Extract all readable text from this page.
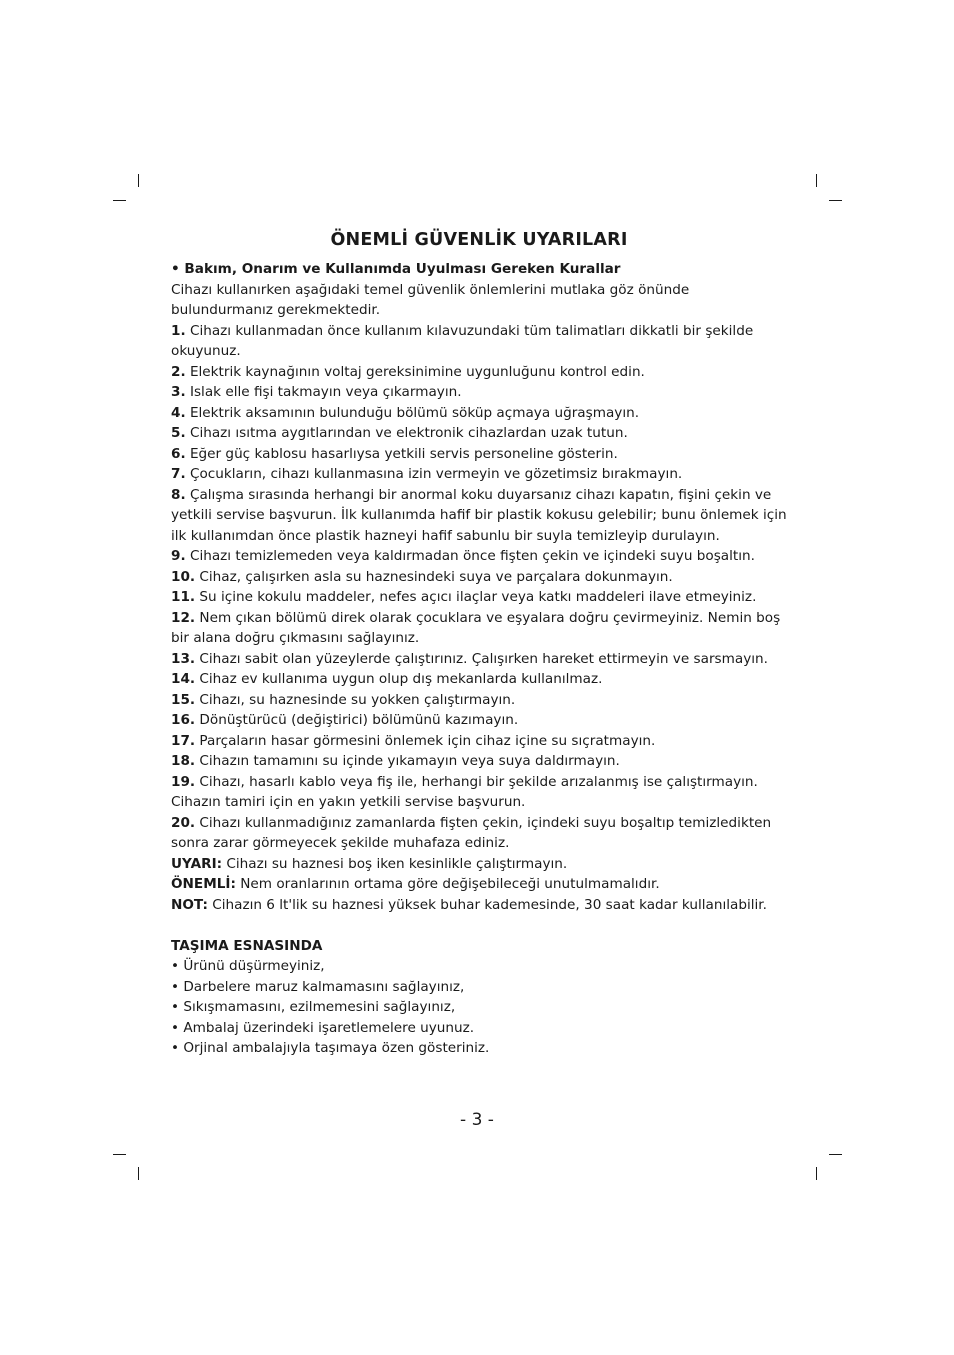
ÖNEMLİ GÜVENLİK UYARILARI

• Bakım, Onarım ve Kullanımda Uyulması Gereken Kurallar

Cihazı kullanırken aşağıdaki temel güvenlik önlemlerini mutlaka göz önünde bulundurmanız gerekmektedir.

1. Cihazı kullanmadan önce kullanım kılavuzundaki tüm talimatları dikkatli bir şekilde okuyunuz.

2. Elektrik kaynağının voltaj gereksinimine uygunluğunu kontrol edin.

3. Islak elle fişi takmayın veya çıkarmayın.

4. Elektrik aksamının bulunduğu bölümü söküp açmaya uğraşmayın.

5. Cihazı ısıtma aygıtlarından ve elektronik cihazlardan uzak tutun.

6. Eğer güç kablosu hasarlıysa yetkili servis personeline gösterin.

7. Çocukların, cihazı kullanmasına izin vermeyin ve gözetimsiz bırakmayın.

8. Çalışma sırasında herhangi bir anormal koku duyarsanız cihazı kapatın, fişini çekin ve yetkili servise başvurun. İlk kullanımda hafif bir plastik kokusu gelebilir; bunu önlemek için ilk kullanımdan önce plastik hazneyi hafif sabunlu bir suyla temizleyip durulayın.

9. Cihazı temizlemeden veya kaldırmadan önce fişten çekin ve içindeki suyu boşaltın.

10. Cihaz, çalışırken asla su haznesindeki suya ve parçalara dokunmayın.

11. Su içine kokulu maddeler, nefes açıcı ilaçlar veya katkı maddeleri ilave etmeyiniz.

12. Nem çıkan bölümü direk olarak çocuklara ve eşyalara doğru çevirmeyiniz. Nemin boş bir alana doğru çıkmasını sağlayınız.

13. Cihazı sabit olan yüzeylerde çalıştırınız. Çalışırken hareket ettirmeyin ve sarsmayın.

14. Cihaz ev kullanıma uygun olup dış mekanlarda kullanılmaz.

15. Cihazı, su haznesinde su yokken çalıştırmayın.

16. Dönüştürücü (değiştirici) bölümünü kazımayın.

17. Parçaların hasar görmesini önlemek için cihaz içine su sıçratmayın.

18. Cihazın tamamını su içinde yıkamayın veya suya daldırmayın.

19. Cihazı, hasarlı kablo veya fiş ile, herhangi bir şekilde arızalanmış ise çalıştırmayın. Cihazın tamiri için en yakın yetkili servise başvurun.

20. Cihazı kullanmadığınız zamanlarda fişten çekin, içindeki suyu boşaltıp temizledikten sonra zarar görmeyecek şekilde muhafaza ediniz.

UYARI: Cihazı su haznesi boş iken kesinlikle çalıştırmayın.

ÖNEMLİ: Nem oranlarının ortama göre değişebileceği unutulmamalıdır.

NOT: Cihazın 6 lt'lik su haznesi yüksek buhar kademesinde, 30 saat kadar kullanılabilir.

TAŞIMA ESNASINDA

• Ürünü düşürmeyiniz,
• Darbelere maruz kalmamasını sağlayınız,
• Sıkışmamasını, ezilmemesini sağlayınız,
• Ambalaj üzerindeki işaretlemelere uyunuz.
• Orjinal ambalajıyla taşımaya özen gösteriniz.
- 3 -
